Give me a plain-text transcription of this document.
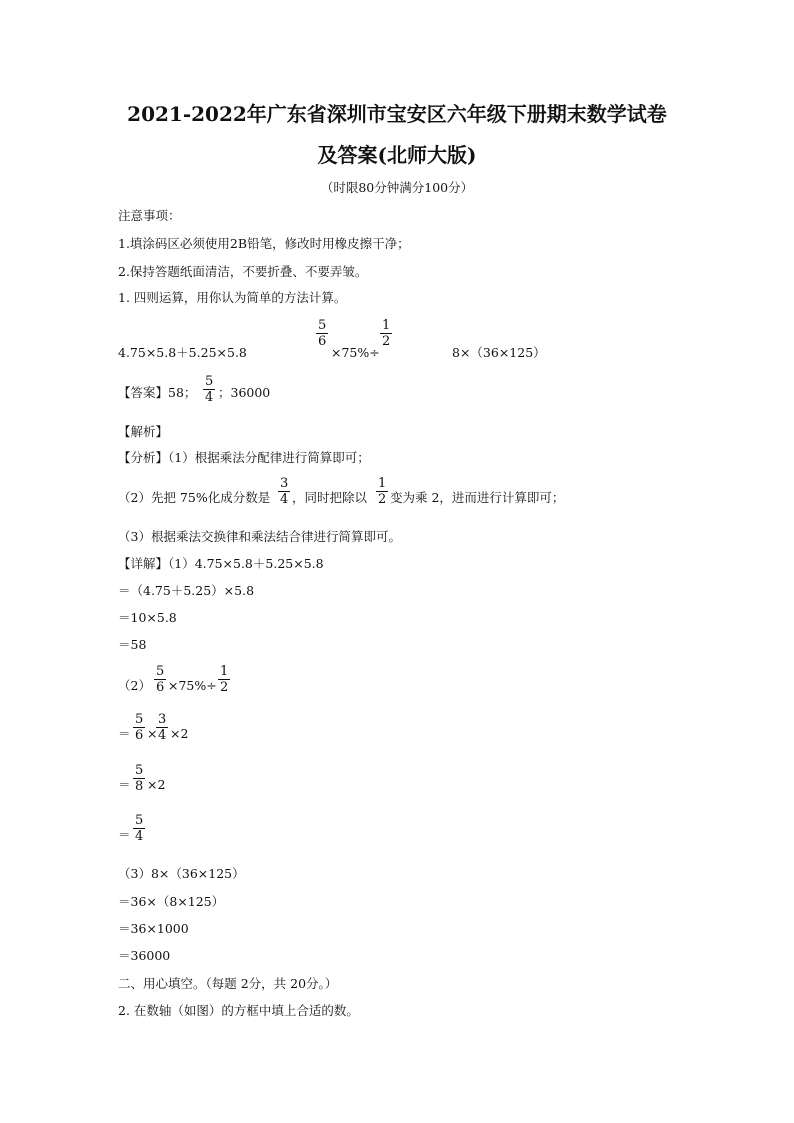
2021-2022年广东省深圳市宝安区六年级下册期末数学试卷
及答案(北师大版)
（时限80分钟满分100分）
注意事项：
1.填涂码区必须使用2B铅笔，修改时用橡皮擦干净；
2.保持答题纸面清洁，不要折叠、不要弄皱。
1. 四则运算，用你认为简单的方法计算。
4.75×5.8＋5.25×5.8
$\frac{5}{6}$
×75%÷
$\frac{1}{2}$
8×（36×125）
【答案】58； $\frac{5}{4}$ ；36000
【解析】
【分析】（1）根据乘法分配律进行简算即可；
（2）先把 75%化成分数是 $\frac{3}{4}$ ，同时把除以 $\frac{1}{2}$ 变为乘 2，进而进行计算即可；
（3）根据乘法交换律和乘法结合律进行简算即可。
【详解】（1）4.75×5.8＋5.25×5.8
＝（4.75＋5.25）×5.8
＝10×5.8
＝58
$(2) \frac{5}{6} \times 75\%\div \frac{1}{2}$
＝ $\frac{5}{6}$ ×
$\frac{3}{4} \times 2$
＝ $\frac{5}{8} \times 2$
＝ $\frac{5}{4}$
（3）8×（36×125）
＝36×（8×125）
＝36×1000
＝36000
二、用心填空。（每题 2分，共 20分。）
2. 在数轴（如图）的方框中填上合适的数。
